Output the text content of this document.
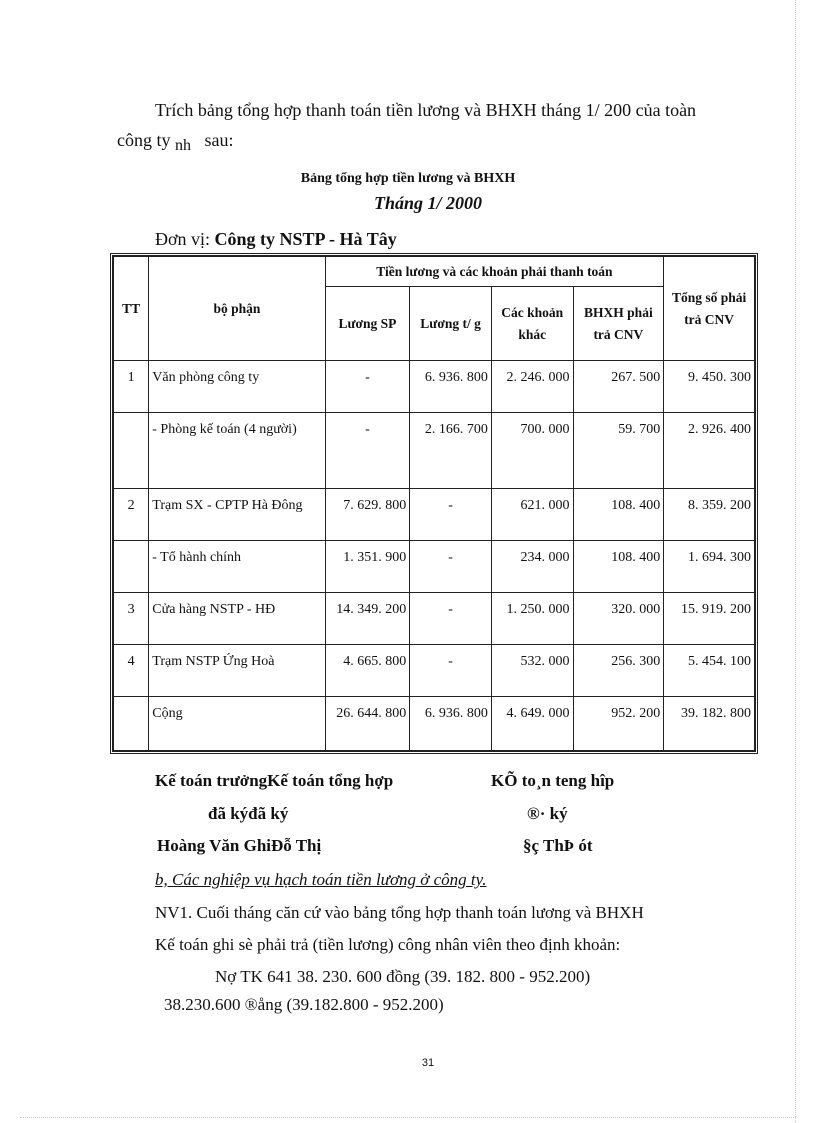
Trích bảng tổng hợp thanh toán tiền lương và BHXH tháng 1/ 200 của toàn
công ty nh sau:
Bảng tổng hợp tiền lương và BHXH
Tháng 1/ 2000
Đơn vị: Công ty NSTP - Hà Tây
TT	bộ phận	Tiền lương và các khoản phải thanh toán				Tổng số phải trả CNV
		Lương SP	Lương t/ g	Các khoản khác	BHXH phải trả CNV	
1	Văn phòng công ty	-	6. 936. 800	2. 246. 000	267. 500	9. 450. 300
	- Phòng kế toán (4 người)	-	2. 166. 700	700. 000	59. 700	2. 926. 400
2	Trạm SX - CPTP Hà Đông	7. 629. 800	-	621. 000	108. 400	8. 359. 200
	- Tổ hành chính	1. 351. 900	-	234. 000	108. 400	1. 694. 300
3	Cửa hàng NSTP - HĐ	14. 349. 200	-	1. 250. 000	320. 000	15. 919. 200
4	Trạm NSTP Ứng Hoà	4. 665. 800	-	532. 000	256. 300	5. 454. 100
	Cộng	26. 644. 800	6. 936. 800	4. 649. 000	952. 200	39. 182. 800
Kế toán trưởngKế toán tổng hợp	KÕ to¸n teng hîp
đã kýđã ký	®· ký
Hoàng Văn GhiĐỗ Thị	§ç ThÞ ót
b, Các nghiệp vụ hạch toán tiền lương ở công ty.
NV1. Cuối tháng căn cứ vào bảng tổng hợp thanh toán lương và BHXH
Kế toán ghi sè phải trả (tiền lương) công nhân viên theo định khoản:
Nợ TK 641 38. 230. 600 đồng (39. 182. 800 - 952.200)
38.230.600 ®ång (39.182.800 - 952.200)
31
